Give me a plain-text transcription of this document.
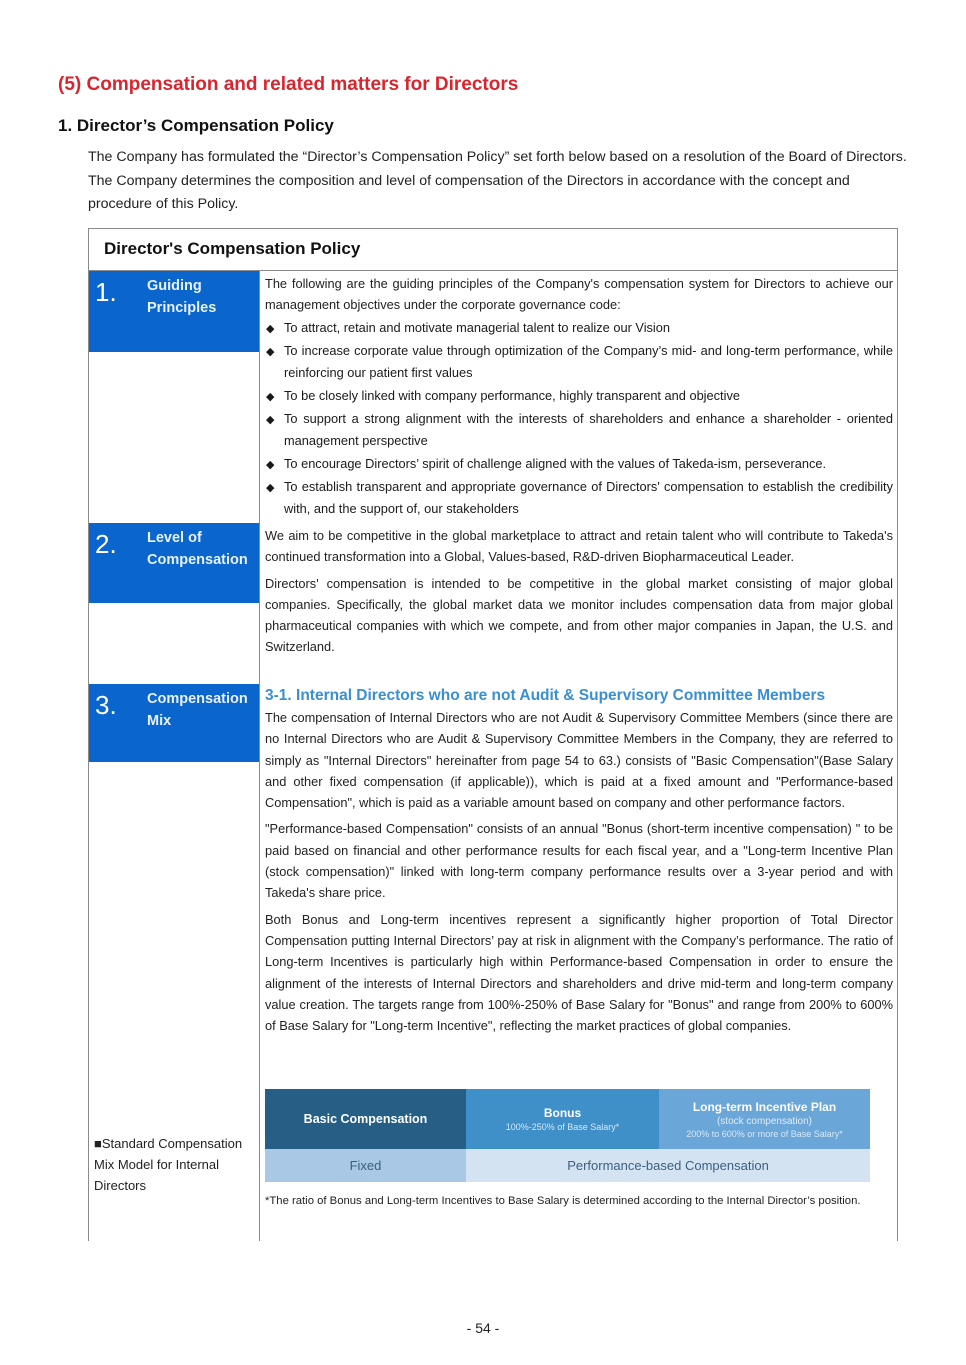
(5) Compensation and related matters for Directors
1. Director’s Compensation Policy

The Company has formulated the “Director’s Compensation Policy” set forth below based on a resolution of the Board of Directors. The Company determines the composition and level of compensation of the Directors in accordance with the concept and procedure of this Policy.

Director's Compensation Policy
1. Guiding
Principles
2. Level of
Compensation
3. Compensation
Mix
■Standard Compensation Mix Model for Internal Directors

The following are the guiding principles of the Company's compensation system for Directors to achieve our management objectives under the corporate governance code:

◆ To attract, retain and motivate managerial talent to realize our Vision
◆ To increase corporate value through optimization of the Company’s mid- and long-term performance, while reinforcing our patient first values
◆ To be closely linked with company performance, highly transparent and objective
◆ To support a strong alignment with the interests of shareholders and enhance a shareholder - oriented management perspective
◆ To encourage Directors’ spirit of challenge aligned with the values of Takeda-ism, perseverance.
◆ To establish transparent and appropriate governance of Directors' compensation to establish the credibility with, and the support of, our stakeholders

We aim to be competitive in the global marketplace to attract and retain talent who will contribute to Takeda's continued transformation into a Global, Values-based, R&D-driven Biopharmaceutical Leader.

Directors' compensation is intended to be competitive in the global market consisting of major global companies. Specifically, the global market data we monitor includes compensation data from major global pharmaceutical companies with which we compete, and from other major companies in Japan, the U.S. and Switzerland.

3-1. Internal Directors who are not Audit & Supervisory Committee Members

The compensation of Internal Directors who are not Audit & Supervisory Committee Members (since there are no Internal Directors who are Audit & Supervisory Committee Members in the Company, they are referred to simply as "Internal Directors" hereinafter from page 54 to 63.) consists of "Basic Compensation"(Base Salary and other fixed compensation (if applicable)), which is paid at a fixed amount and "Performance-based Compensation", which is paid as a variable amount based on company and other performance factors.

"Performance-based Compensation" consists of an annual "Bonus (short-term incentive compensation) " to be paid based on financial and other performance results for each fiscal year, and a "Long-term Incentive Plan (stock compensation)" linked with long-term company performance results over a 3-year period and with Takeda's share price.

Both Bonus and Long-term incentives represent a significantly higher proportion of Total Director Compensation putting Internal Directors’ pay at risk in alignment with the Company’s performance. The ratio of Long-term Incentives is particularly high within Performance-based Compensation in order to ensure the alignment of the interests of Internal Directors and shareholders and drive mid-term and long-term company value creation. The targets range from 100%-250% of Base Salary for "Bonus" and range from 200% to 600% of Base Salary for "Long-term Incentive", reflecting the market practices of global companies.

Basic Compensation	Bonus
100%-250% of Base Salary*
Long-term Incentive Plan
(stock compensation)
200% to 600% or more of Base Salary*
Fixed	Performance-based Compensation
*The ratio of Bonus and Long-term Incentives to Base Salary is determined according to the Internal Director’s position.
- 54 -
